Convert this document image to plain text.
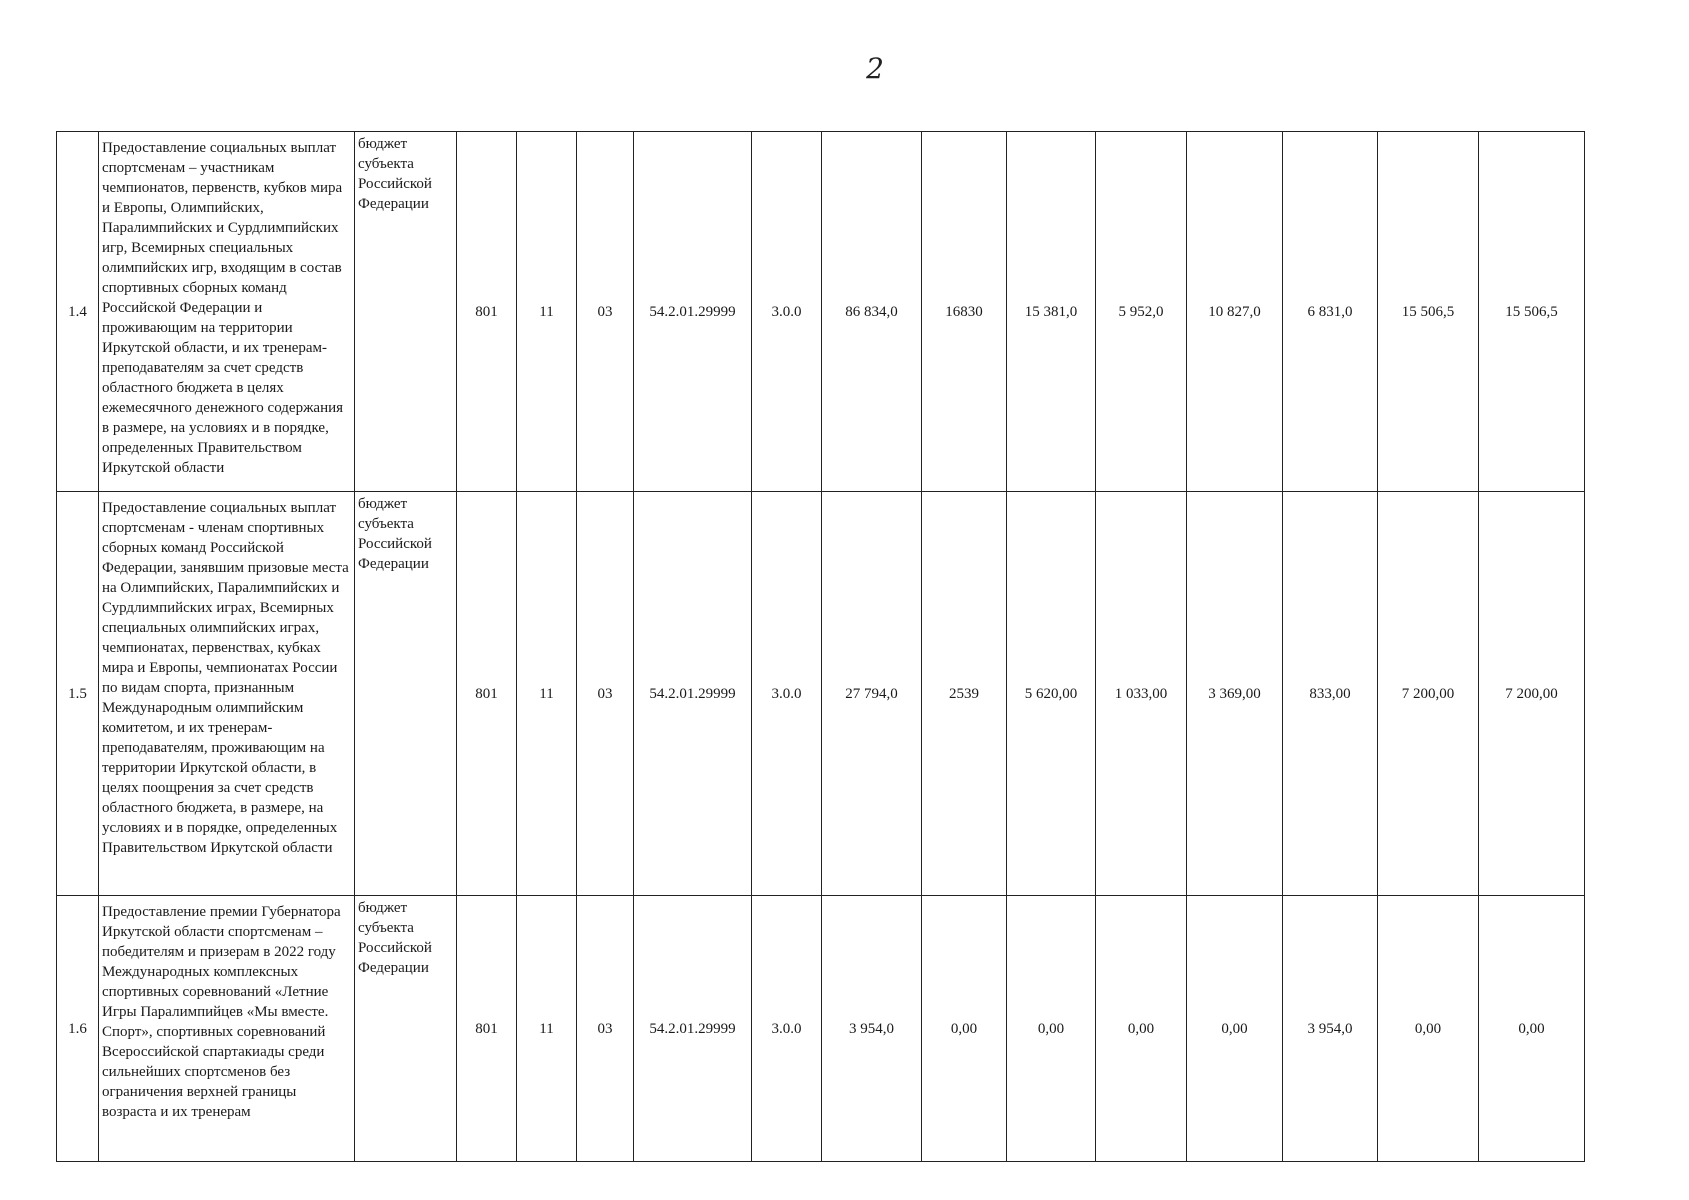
2
1.4	Предоставление социальных выплат спортсменам – участникам чемпионатов, первенств, кубков мира и Европы, Олимпийских, Паралимпийских и Сурдлимпийских игр, Всемирных специальных олимпийских игр, входящим в состав спортивных сборных команд Российской Федерации и проживающим на территории Иркутской области, и их тренерам-преподавателям за счет средств областного бюджета в целях ежемесячного денежного содержания в размере, на условиях и в порядке, определенных Правительством Иркутской области	бюджет субъекта Российской Федерации	801	11	03	54.2.01.29999	3.0.0	86 834,0	16830	15 381,0	5 952,0	10 827,0	6 831,0	15 506,5	15 506,5
1.5	Предоставление социальных выплат спортсменам - членам спортивных сборных команд Российской Федерации, занявшим призовые места на Олимпийских, Паралимпийских и Сурдлимпийских играх, Всемирных специальных олимпийских играх, чемпионатах, первенствах, кубках мира и Европы, чемпионатах России по видам спорта, признанным Международным олимпийским комитетом, и их тренерам-преподавателям, проживающим на территории Иркутской области, в целях поощрения за счет средств областного бюджета, в размере, на условиях и в порядке, определенных Правительством Иркутской области	бюджет субъекта Российской Федерации	801	11	03	54.2.01.29999	3.0.0	27 794,0	2539	5 620,00	1 033,00	3 369,00	833,00	7 200,00	7 200,00
1.6	Предоставление премии Губернатора Иркутской области спортсменам – победителям и призерам в 2022 году Международных комплексных спортивных соревнований «Летние Игры Паралимпийцев «Мы вместе. Спорт», спортивных соревнований Всероссийской спартакиады среди сильнейших спортсменов без ограничения верхней границы возраста и их тренерам	бюджет субъекта Российской Федерации	801	11	03	54.2.01.29999	3.0.0	3 954,0	0,00	0,00	0,00	0,00	3 954,0	0,00	0,00
